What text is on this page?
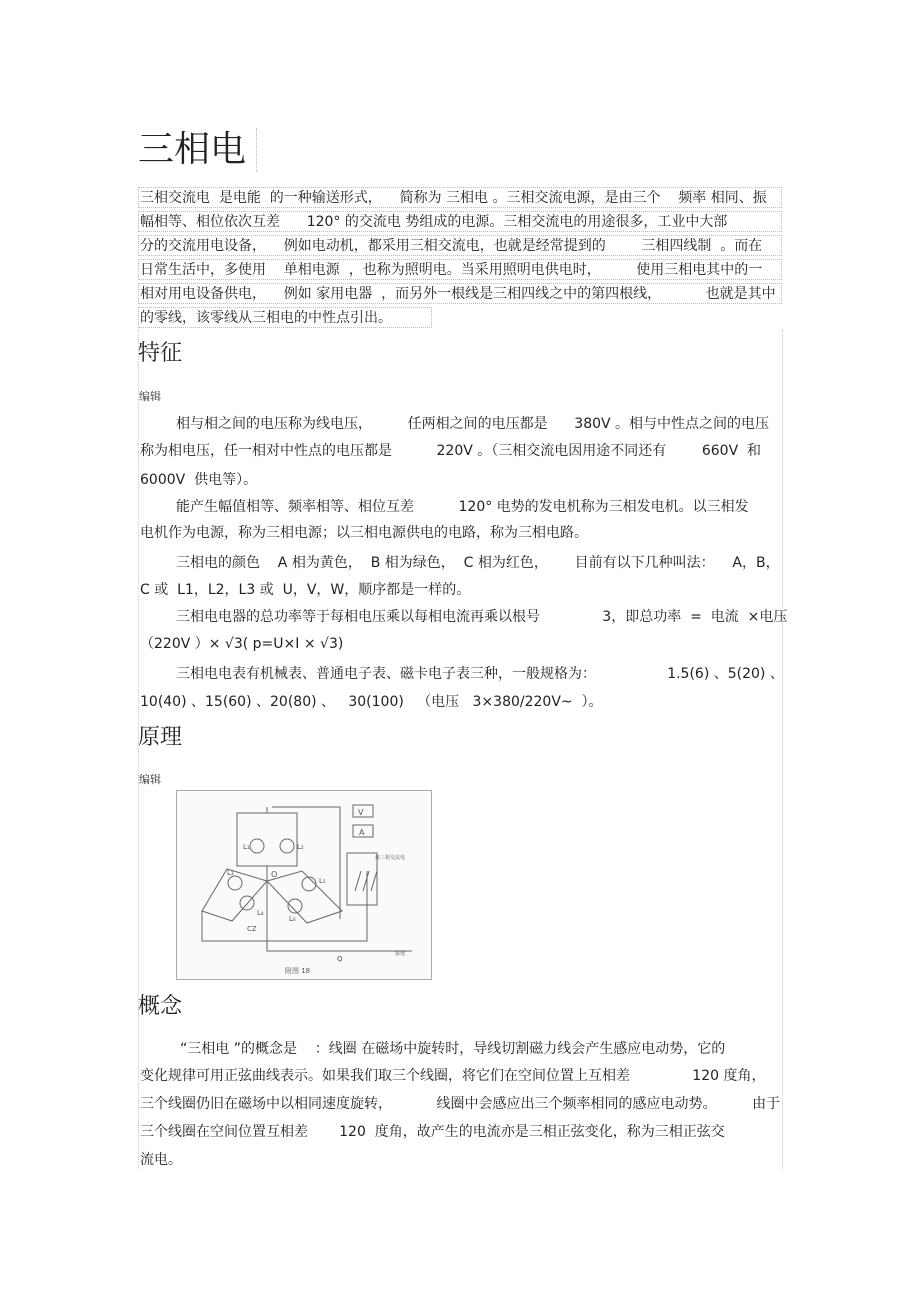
三相电
三相交流电  是电能  的一种输送形式，    简称为 三相电 。三相交流电源，是由三个    频率 相同、振
幅相等、相位依次互差      120° 的交流电 势组成的电源。三相交流电的用途很多，工业中大部
分的交流用电设备，    例如电动机，都采用三相交流电，也就是经常提到的        三相四线制  。而在
日常生活中，多使用    单相电源  ，也称为照明电。当采用照明电供电时，        使用三相电其中的一
相对用电设备供电，    例如 家用电器  ，而另外一根线是三相四线之中的第四根线，          也就是其中
的零线，该零线从三相电的中性点引出。
特征
编辑
相与相之间的电压称为线电压，        任两相之间的电压都是      380V 。相与中性点之间的电压
称为相电压，任一相对中性点的电压都是          220V 。（三相交流电因用途不同还有        660V  和
6000V  供电等）。
能产生幅值相等、频率相等、相位互差          120° 电势的发电机称为三相发电机。以三相发
电机作为电源，称为三相电源；以三相电源供电的电路，称为三相电路。
三相电的颜色    A 相为黄色，  B 相为绿色，  C 相为红色，      目前有以下几种叫法：    A，B，
C 或  L1，L2，L3 或  U，V，W，顺序都是一样的。
三相电电器的总功率等于每相电压乘以每相电流再乘以根号              3，即总功率  =  电流  ×电压
（220V ）× √3( p=U×I × √3)
三相电电表有机械表、普通电子表、磁卡电子表三种，一般规格为：                1.5(6) 、5(20) 、
10(40) 、15(60) 、20(80) 、   30(100)   （电压   3×380/220V~  ）。
原理
编辑
V
A
L₁	L₂
L₃
L₄
L₅
L₆
O
CZ
Q
接三相交流电
接地
附图 18
概念
“三相电 ”的概念是    ：线圈 在磁场中旋转时，导线切割磁力线会产生感应电动势，它的
变化规律可用正弦曲线表示。如果我们取三个线圈，将它们在空间位置上互相差              120 度角，
三个线圈仍旧在磁场中以相同速度旋转，          线圈中会感应出三个频率相同的感应电动势。        由于
三个线圈在空间位置互相差       120  度角，故产生的电流亦是三相正弦变化，称为三相正弦交
流电。
